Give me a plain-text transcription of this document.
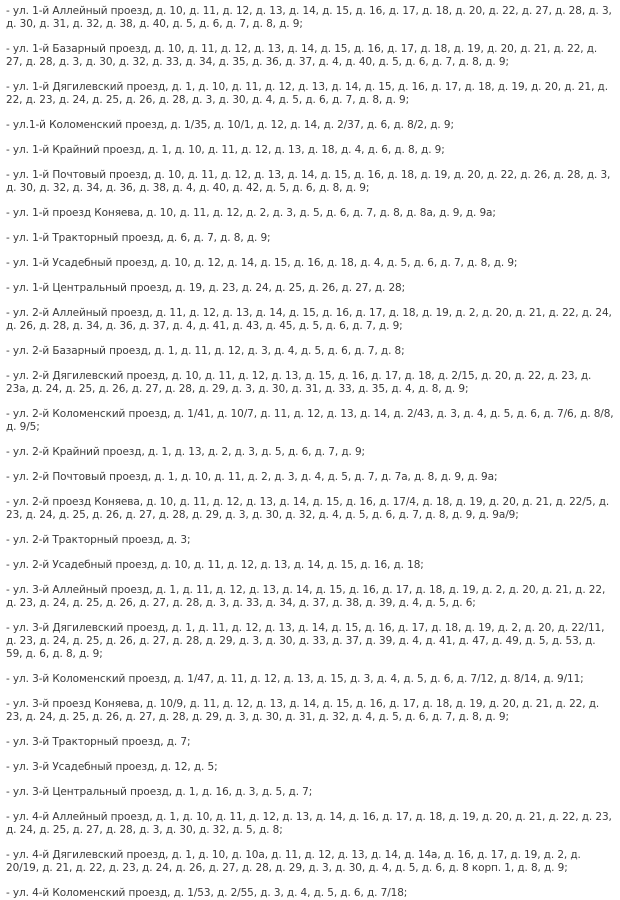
- ул. 1-й Аллейный проезд, д. 10, д. 11, д. 12, д. 13, д. 14, д. 15, д. 16, д. 17, д. 18, д. 20, д. 22, д. 27, д. 28, д. 3, д. 30, д. 31, д. 32, д. 38, д. 40, д. 5, д. 6, д. 7, д. 8, д. 9;

- ул. 1-й Базарный проезд, д. 10, д. 11, д. 12, д. 13, д. 14, д. 15, д. 16, д. 17, д. 18, д. 19, д. 20, д. 21, д. 22, д. 27, д. 28, д. 3, д. 30, д. 32, д. 33, д. 34, д. 35, д. 36, д. 37, д. 4, д. 40, д. 5, д. 6, д. 7, д. 8, д. 9;

- ул. 1-й Дягилевский проезд, д. 1, д. 10, д. 11, д. 12, д. 13, д. 14, д. 15, д. 16, д. 17, д. 18, д. 19, д. 20, д. 21, д. 22, д. 23, д. 24, д. 25, д. 26, д. 28, д. 3, д. 30, д. 4, д. 5, д. 6, д. 7, д. 8, д. 9;

- ул.1-й Коломенский проезд, д. 1/35, д. 10/1, д. 12, д. 14, д. 2/37, д. 6, д. 8/2, д. 9;

- ул. 1-й Крайний проезд, д. 1, д. 10, д. 11, д. 12, д. 13, д. 18, д. 4, д. 6, д. 8, д. 9;

- ул. 1-й Почтовый проезд, д. 10, д. 11, д. 12, д. 13, д. 14, д. 15, д. 16, д. 18, д. 19, д. 20, д. 22, д. 26, д. 28, д. 3, д. 30, д. 32, д. 34, д. 36, д. 38, д. 4, д. 40, д. 42, д. 5, д. 6, д. 8, д. 9;

- ул. 1-й проезд Коняева, д. 10, д. 11, д. 12, д. 2, д. 3, д. 5, д. 6, д. 7, д. 8, д. 8а, д. 9, д. 9а;

- ул. 1-й Тракторный проезд, д. 6, д. 7, д. 8, д. 9;

- ул. 1-й Усадебный проезд, д. 10, д. 12, д. 14, д. 15, д. 16, д. 18, д. 4, д. 5, д. 6, д. 7, д. 8, д. 9;

- ул. 1-й Центральный проезд, д. 19, д. 23, д. 24, д. 25, д. 26, д. 27, д. 28;

- ул. 2-й Аллейный проезд, д. 11, д. 12, д. 13, д. 14, д. 15, д. 16, д. 17, д. 18, д. 19, д. 2, д. 20, д. 21, д. 22, д. 24, д. 26, д. 28, д. 34, д. 36, д. 37, д. 4, д. 41, д. 43, д. 45, д. 5, д. 6, д. 7, д. 9;

- ул. 2-й Базарный проезд, д. 1, д. 11, д. 12, д. 3, д. 4, д. 5, д. 6, д. 7, д. 8;

- ул. 2-й Дягилевский проезд, д. 10, д. 11, д. 12, д. 13, д. 15, д. 16, д. 17, д. 18, д. 2/15, д. 20, д. 22, д. 23, д. 23а, д. 24, д. 25, д. 26, д. 27, д. 28, д. 29, д. 3, д. 30, д. 31, д. 33, д. 35, д. 4, д. 8, д. 9;

- ул. 2-й Коломенский проезд, д. 1/41, д. 10/7, д. 11, д. 12, д. 13, д. 14, д. 2/43, д. 3, д. 4, д. 5, д. 6, д. 7/6, д. 8/8, д. 9/5;

- ул. 2-й Крайний проезд, д. 1, д. 13, д. 2, д. 3, д. 5, д. 6, д. 7, д. 9;

- ул. 2-й Почтовый проезд, д. 1, д. 10, д. 11, д. 2, д. 3, д. 4, д. 5, д. 7, д. 7а, д. 8, д. 9, д. 9а;

- ул. 2-й проезд Коняева, д. 10, д. 11, д. 12, д. 13, д. 14, д. 15, д. 16, д. 17/4, д. 18, д. 19, д. 20, д. 21, д. 22/5, д. 23, д. 24, д. 25, д. 26, д. 27, д. 28, д. 29, д. 3, д. 30, д. 32, д. 4, д. 5, д. 6, д. 7, д. 8, д. 9, д. 9а/9;

- ул. 2-й Тракторный проезд, д. 3;

- ул. 2-й Усадебный проезд, д. 10, д. 11, д. 12, д. 13, д. 14, д. 15, д. 16, д. 18;

- ул. 3-й Аллейный проезд, д. 1, д. 11, д. 12, д. 13, д. 14, д. 15, д. 16, д. 17, д. 18, д. 19, д. 2, д. 20, д. 21, д. 22, д. 23, д. 24, д. 25, д. 26, д. 27, д. 28, д. 3, д. 33, д. 34, д. 37, д. 38, д. 39, д. 4, д. 5, д. 6;

- ул. 3-й Дягилевский проезд, д. 1, д. 11, д. 12, д. 13, д. 14, д. 15, д. 16, д. 17, д. 18, д. 19, д. 2, д. 20, д. 22/11, д. 23, д. 24, д. 25, д. 26, д. 27, д. 28, д. 29, д. 3, д. 30, д. 33, д. 37, д. 39, д. 4, д. 41, д. 47, д. 49, д. 5, д. 53, д. 59, д. 6, д. 8, д. 9;

- ул. 3-й Коломенский проезд, д. 1/47, д. 11, д. 12, д. 13, д. 15, д. 3, д. 4, д. 5, д. 6, д. 7/12, д. 8/14, д. 9/11;

- ул. 3-й проезд Коняева, д. 10/9, д. 11, д. 12, д. 13, д. 14, д. 15, д. 16, д. 17, д. 18, д. 19, д. 20, д. 21, д. 22, д. 23, д. 24, д. 25, д. 26, д. 27, д. 28, д. 29, д. 3, д. 30, д. 31, д. 32, д. 4, д. 5, д. 6, д. 7, д. 8, д. 9;

- ул. 3-й Тракторный проезд, д. 7;

- ул. 3-й Усадебный проезд, д. 12, д. 5;

- ул. 3-й Центральный проезд, д. 1, д. 16, д. 3, д. 5, д. 7;

- ул. 4-й Аллейный проезд, д. 1, д. 10, д. 11, д. 12, д. 13, д. 14, д. 16, д. 17, д. 18, д. 19, д. 20, д. 21, д. 22, д. 23, д. 24, д. 25, д. 27, д. 28, д. 3, д. 30, д. 32, д. 5, д. 8;

- ул. 4-й Дягилевский проезд, д. 1, д. 10, д. 10а, д. 11, д. 12, д. 13, д. 14, д. 14а, д. 16, д. 17, д. 19, д. 2, д. 20/19, д. 21, д. 22, д. 23, д. 24, д. 26, д. 27, д. 28, д. 29, д. 3, д. 30, д. 4, д. 5, д. 6, д. 8 корп. 1, д. 8, д. 9;

- ул. 4-й Коломенский проезд, д. 1/53, д. 2/55, д. 3, д. 4, д. 5, д. 6, д. 7/18;
